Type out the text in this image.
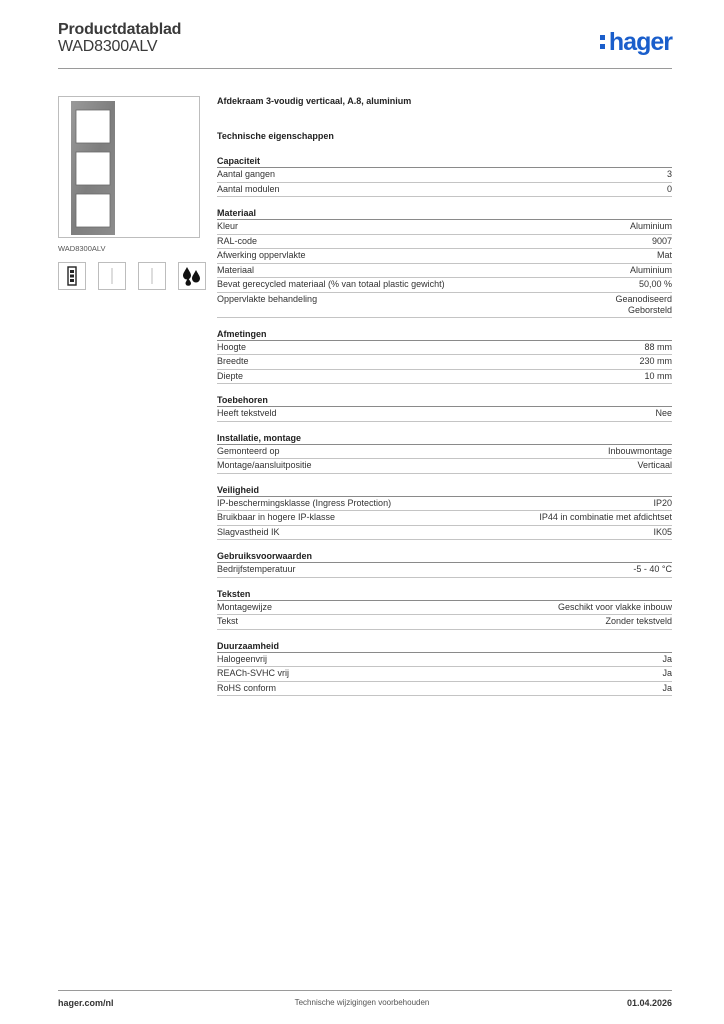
Productdatablad
WAD8300ALV	hager
WAD8300ALV
Afdekraam 3-voudig verticaal, A.8, aluminium
Technische eigenschappen
Capaciteit
Aantal gangen	3
Aantal modulen	0
Materiaal
Kleur	Aluminium
RAL-code	9007
Afwerking oppervlakte	Mat
Materiaal	Aluminium
Bevat gerecycled materiaal (% van totaal plastic gewicht)	50,00 %
Oppervlakte behandeling	Geanodiseerd
Geborsteld
Afmetingen
Hoogte	88 mm
Breedte	230 mm
Diepte	10 mm
Toebehoren
Heeft tekstveld	Nee
Installatie, montage
Gemonteerd op	Inbouwmontage
Montage/aansluitpositie	Verticaal
Veiligheid
IP-beschermingsklasse (Ingress Protection)	IP20
Bruikbaar in hogere IP-klasse	IP44 in combinatie met afdichtset
Slagvastheid IK	IK05
Gebruiksvoorwaarden
Bedrijfstemperatuur	-5 - 40 °C
Teksten
Montagewijze	Geschikt voor vlakke inbouw
Tekst	Zonder tekstveld
Duurzaamheid
Halogeenvrij	Ja
REACh-SVHC vrij	Ja
RoHS conform	Ja
hager.com/nl	Technische wijzigingen voorbehouden	01.04.2026
